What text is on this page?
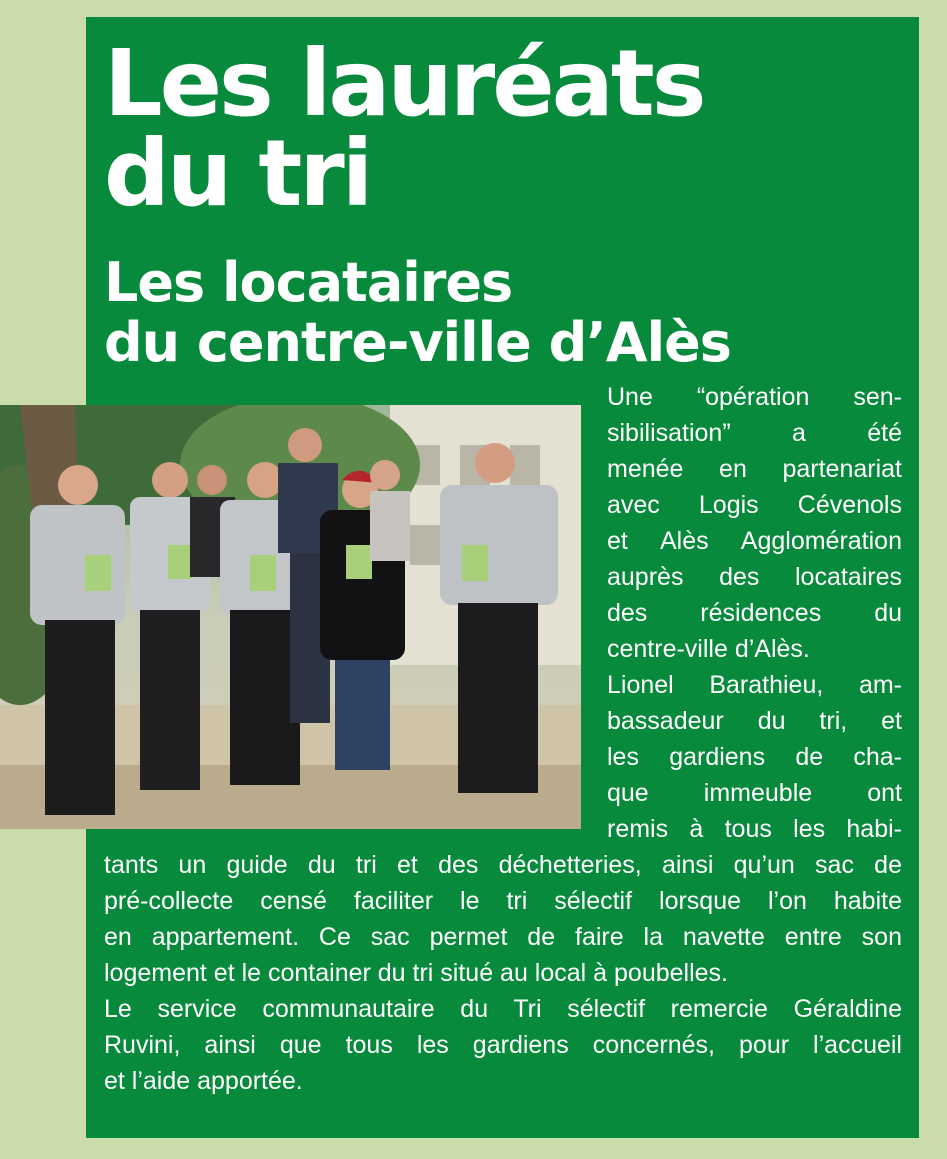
Les lauréats
du tri
Les locataires
du centre-ville d’Alès

Une “opération sen-
sibilisation” a été
menée en partenariat
avec Logis Cévenols
et Alès Agglomération
auprès des locataires
des résidences du
centre-ville d’Alès.
Lionel Barathieu, am-
bassadeur du tri, et
les gardiens de cha-
que immeuble ont
remis à tous les habi-

tants un guide du tri et des déchetteries, ainsi qu’un sac de
pré-collecte censé faciliter le tri sélectif lorsque l’on habite
en appartement. Ce sac permet de faire la navette entre son
logement et le container du tri situé au local à poubelles.
Le service communautaire du Tri sélectif remercie Géraldine
Ruvini, ainsi que tous les gardiens concernés, pour l’accueil
et l’aide apportée.
